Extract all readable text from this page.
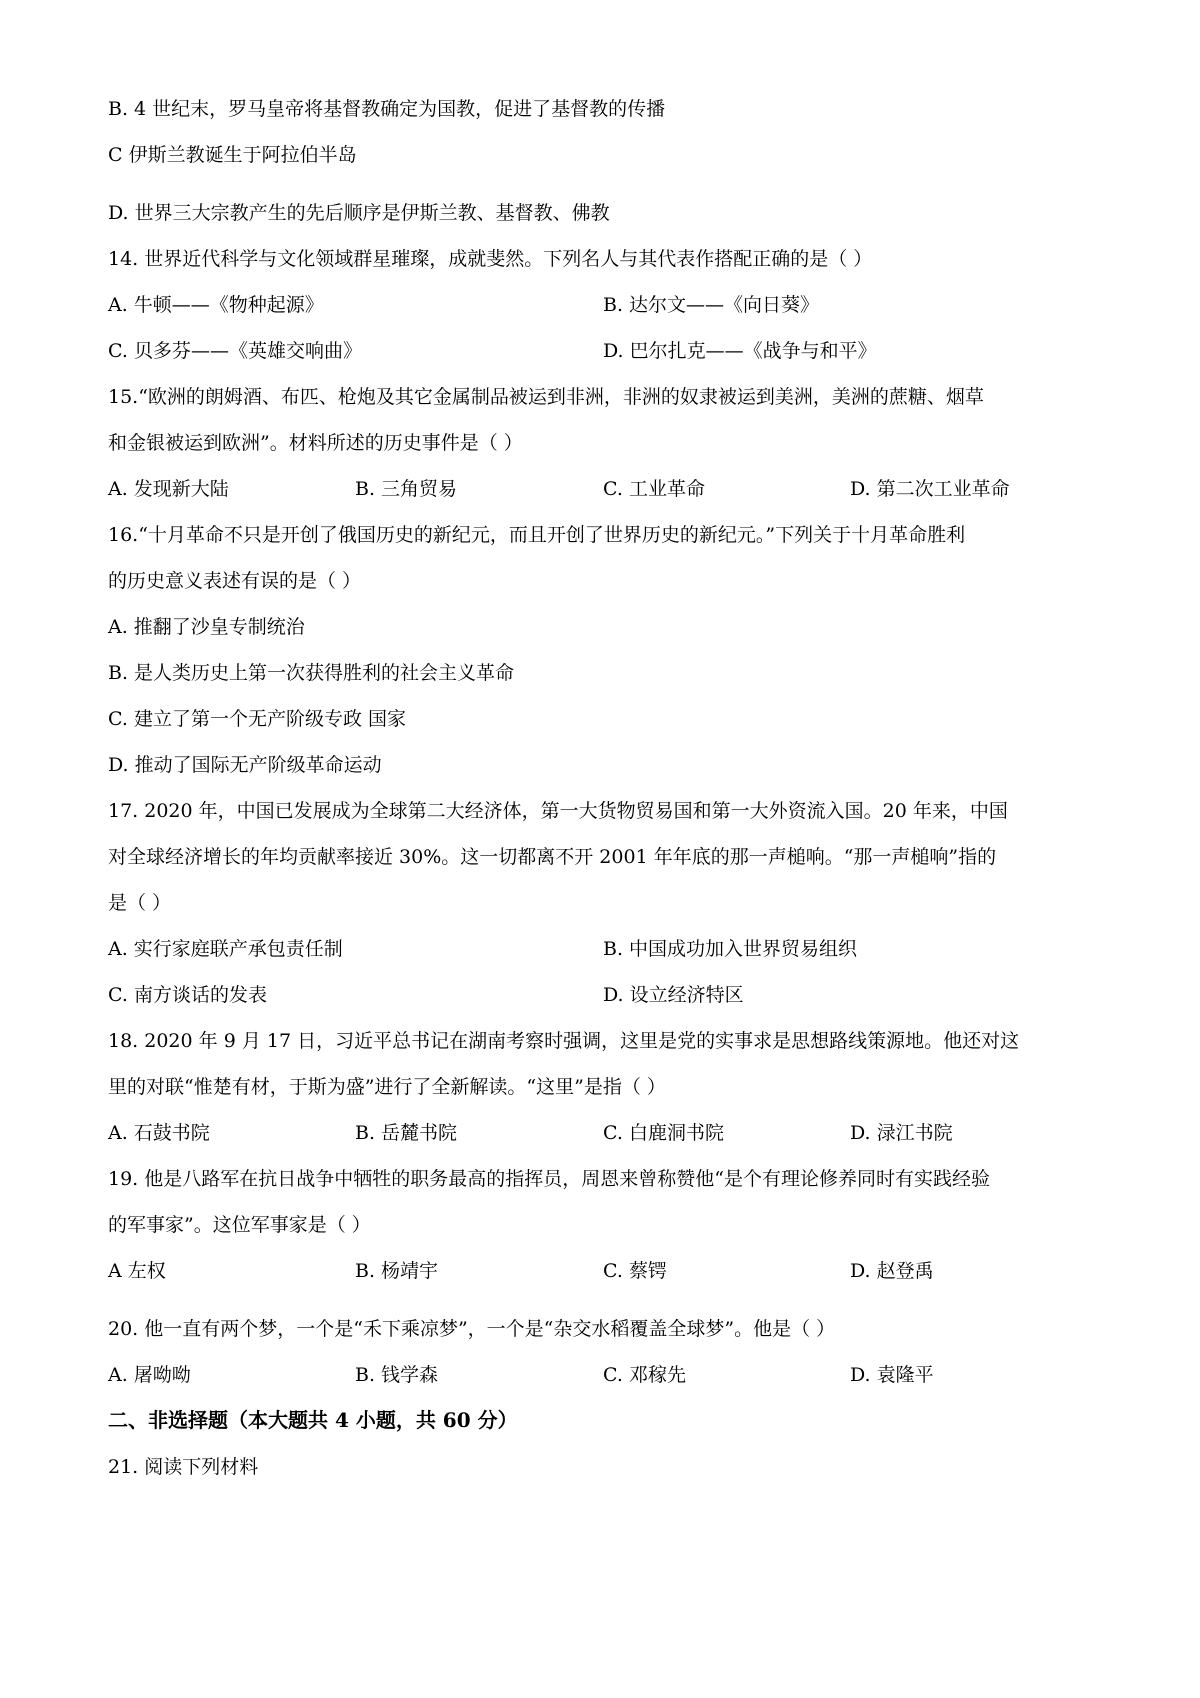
B. 4 世纪末，罗马皇帝将基督教确定为国教，促进了基督教的传播
C 伊斯兰教诞生于阿拉伯半岛
D. 世界三大宗教产生的先后顺序是伊斯兰教、基督教、佛教
14. 世界近代科学与文化领域群星璀璨，成就斐然。下列名人与其代表作搭配正确的是（ ）
A. 牛顿——《物种起源》	B. 达尔文——《向日葵》
C. 贝多芬——《英雄交响曲》	D. 巴尔扎克——《战争与和平》
15.“欧洲的朗姆酒、布匹、枪炮及其它金属制品被运到非洲，非洲的奴隶被运到美洲，美洲的蔗糖、烟草
和金银被运到欧洲”。材料所述的历史事件是（ ）
A. 发现新大陆	B. 三角贸易	C. 工业革命	D. 第二次工业革命
16.“十月革命不只是开创了俄国历史的新纪元，而且开创了世界历史的新纪元。”下列关于十月革命胜利
的历史意义表述有误的是（ ）
A. 推翻了沙皇专制统治
B. 是人类历史上第一次获得胜利的社会主义革命
C. 建立了第一个无产阶级专政 国家
D. 推动了国际无产阶级革命运动
17. 2020 年，中国已发展成为全球第二大经济体，第一大货物贸易国和第一大外资流入国。20 年来，中国
对全球经济增长的年均贡献率接近 30%。这一切都离不开 2001 年年底的那一声槌响。“那一声槌响”指的
是（ ）
A. 实行家庭联产承包责任制	B. 中国成功加入世界贸易组织
C. 南方谈话的发表	D. 设立经济特区
18. 2020 年 9 月 17 日，习近平总书记在湖南考察时强调，这里是党的实事求是思想路线策源地。他还对这
里的对联“惟楚有材，于斯为盛”进行了全新解读。“这里”是指（ ）
A. 石鼓书院	B. 岳麓书院	C. 白鹿洞书院	D. 渌江书院
19. 他是八路军在抗日战争中牺牲的职务最高的指挥员，周恩来曾称赞他“是个有理论修养同时有实践经验
的军事家”。这位军事家是（ ）
A 左权	B. 杨靖宇	C. 蔡锷	D. 赵登禹
20. 他一直有两个梦，一个是“禾下乘凉梦”，一个是“杂交水稻覆盖全球梦”。他是（ ）
A. 屠呦呦	B. 钱学森	C. 邓稼先	D. 袁隆平
二、非选择题（本大题共 4 小题，共 60 分）
21. 阅读下列材料
